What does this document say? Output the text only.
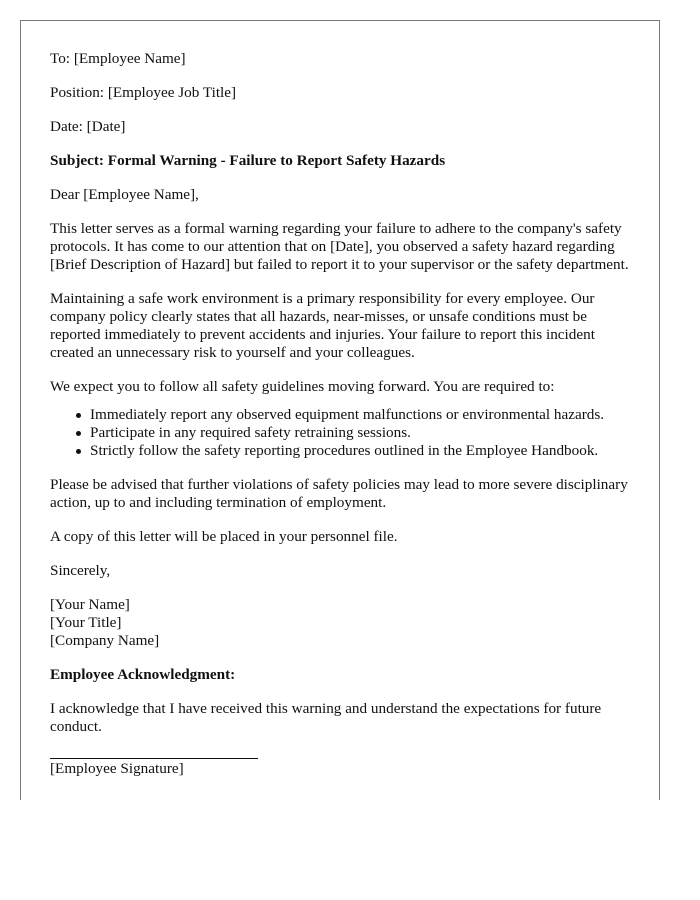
To: [Employee Name]

Position: [Employee Job Title]

Date: [Date]

Subject: Formal Warning - Failure to Report Safety Hazards

Dear [Employee Name],

This letter serves as a formal warning regarding your failure to adhere to the company's safety protocols. It has come to our attention that on [Date], you observed a safety hazard regarding [Brief Description of Hazard] but failed to report it to your supervisor or the safety department.

Maintaining a safe work environment is a primary responsibility for every employee. Our company policy clearly states that all hazards, near-misses, or unsafe conditions must be reported immediately to prevent accidents and injuries. Your failure to report this incident created an unnecessary risk to yourself and your colleagues.

We expect you to follow all safety guidelines moving forward. You are required to:

Immediately report any observed equipment malfunctions or environmental hazards.
Participate in any required safety retraining sessions.
Strictly follow the safety reporting procedures outlined in the Employee Handbook.

Please be advised that further violations of safety policies may lead to more severe disciplinary action, up to and including termination of employment.

A copy of this letter will be placed in your personnel file.

Sincerely,

[Your Name]

[Your Title]

[Company Name]

Employee Acknowledgment:

I acknowledge that I have received this warning and understand the expectations for future conduct.

[Employee Signature]
